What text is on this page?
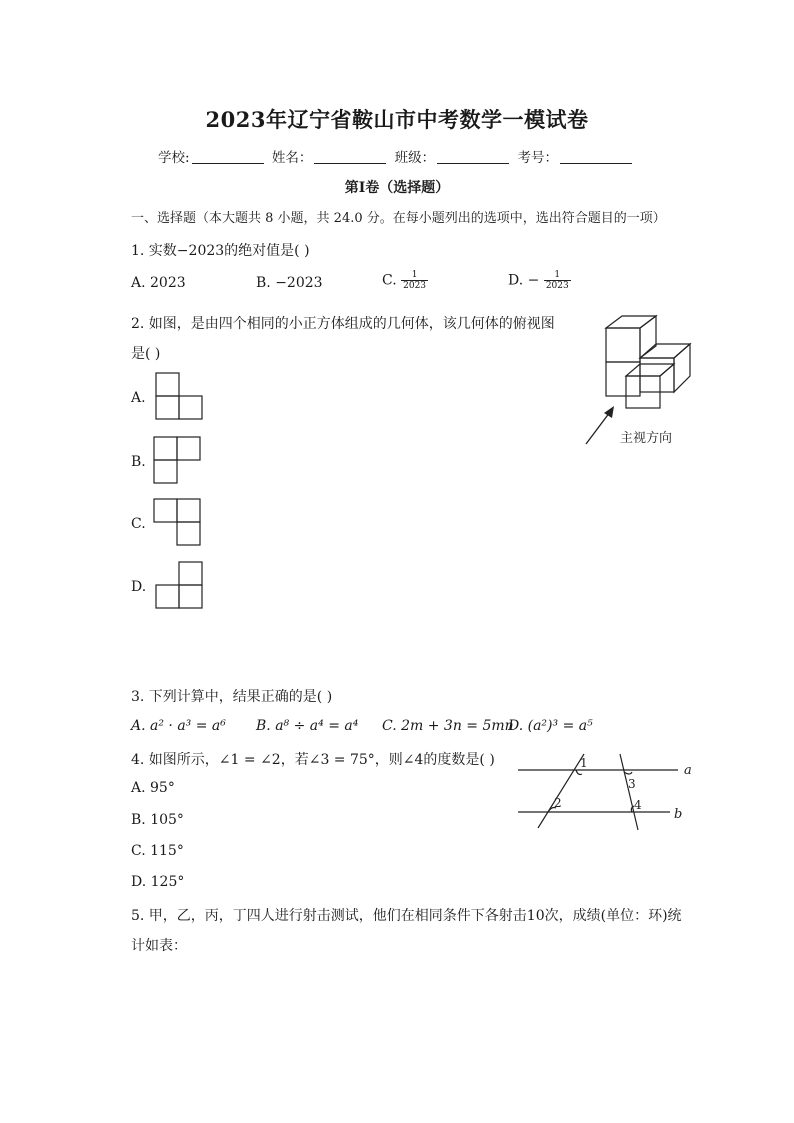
2023年辽宁省鞍山市中考数学一模试卷
学校:	姓名：	班级：	考号：
第Ⅰ卷（选择题）
一、选择题（本大题共 8 小题，共 24.0 分。在每小题列出的选项中，选出符合题目的一项）
1. 实数−2023的绝对值是( )
A. 2023	B. −2023	C. $\frac{1}{2023}$	D. − $\frac{1}{2023}$
2. 如图，是由四个相同的小正方体组成的几何体，该几何体的俯视图
是( )
主视方向
A.
B.
C.
D.
3. 下列计算中，结果正确的是( )
A. a² · a³ = a⁶ B. a⁸ ÷ a⁴ = a⁴ C. 2m + 3n = 5mn
D. (a²)³ = a⁵
4. 如图所示，∠1 = ∠2，若∠3 = 75°，则∠4的度数是( )
A. 95°
B. 105°
C. 115°
D. 125°
1
2
3
4
a
b
5. 甲，乙，丙，丁四人进行射击测试，他们在相同条件下各射击10次，成绩(单位：环)统
计如表：
